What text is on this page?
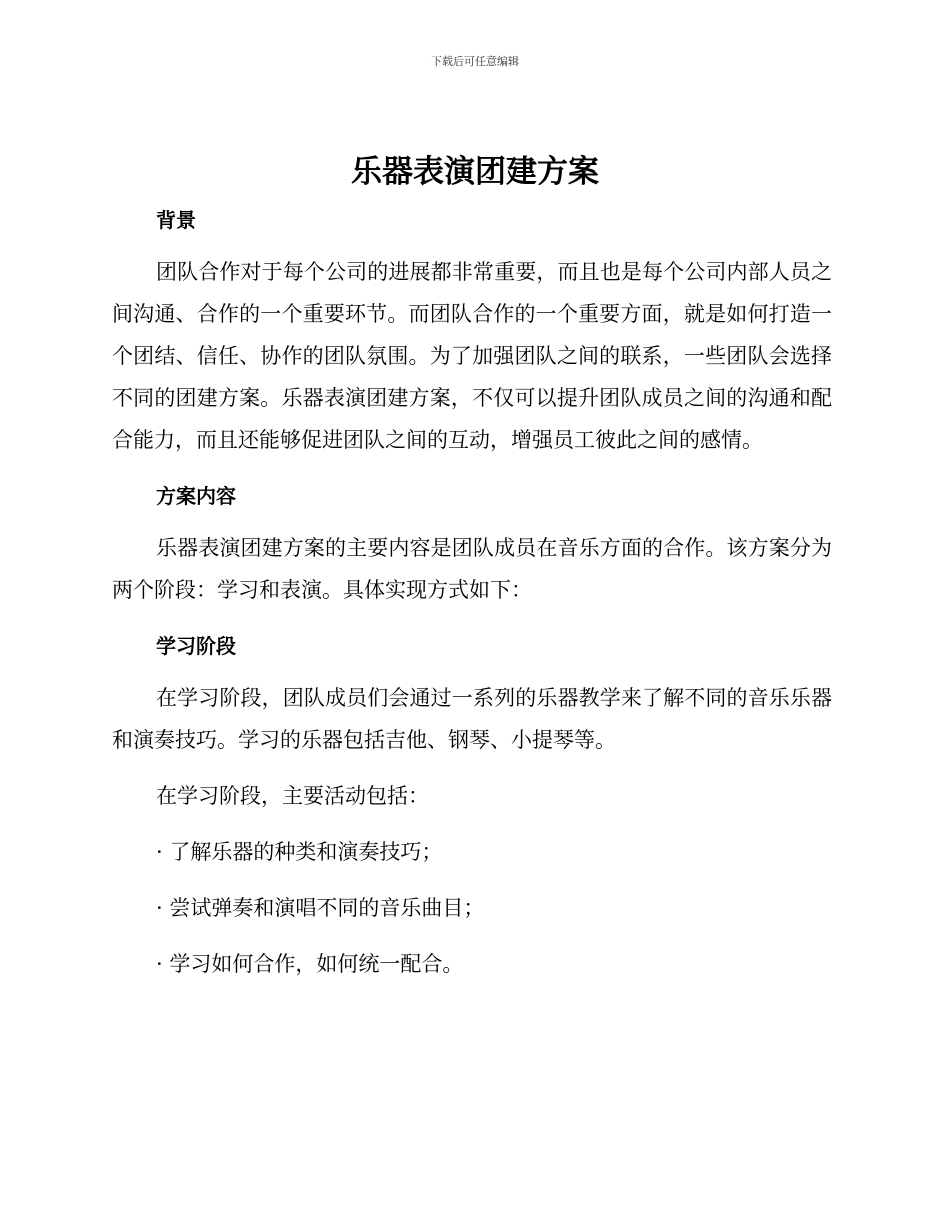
下载后可任意编辑
乐器表演团建方案
背景

团队合作对于每个公司的进展都非常重要，而且也是每个公司内部人员之间沟通、合作的一个重要环节。而团队合作的一个重要方面，就是如何打造一个团结、信任、协作的团队氛围。为了加强团队之间的联系，一些团队会选择不同的团建方案。乐器表演团建方案，不仅可以提升团队成员之间的沟通和配合能力，而且还能够促进团队之间的互动，增强员工彼此之间的感情。

方案内容

乐器表演团建方案的主要内容是团队成员在音乐方面的合作。该方案分为两个阶段：学习和表演。具体实现方式如下：

学习阶段

在学习阶段，团队成员们会通过一系列的乐器教学来了解不同的音乐乐器和演奏技巧。学习的乐器包括吉他、钢琴、小提琴等。

在学习阶段，主要活动包括：

· 了解乐器的种类和演奏技巧；

· 尝试弹奏和演唱不同的音乐曲目；

· 学习如何合作，如何统一配合。
